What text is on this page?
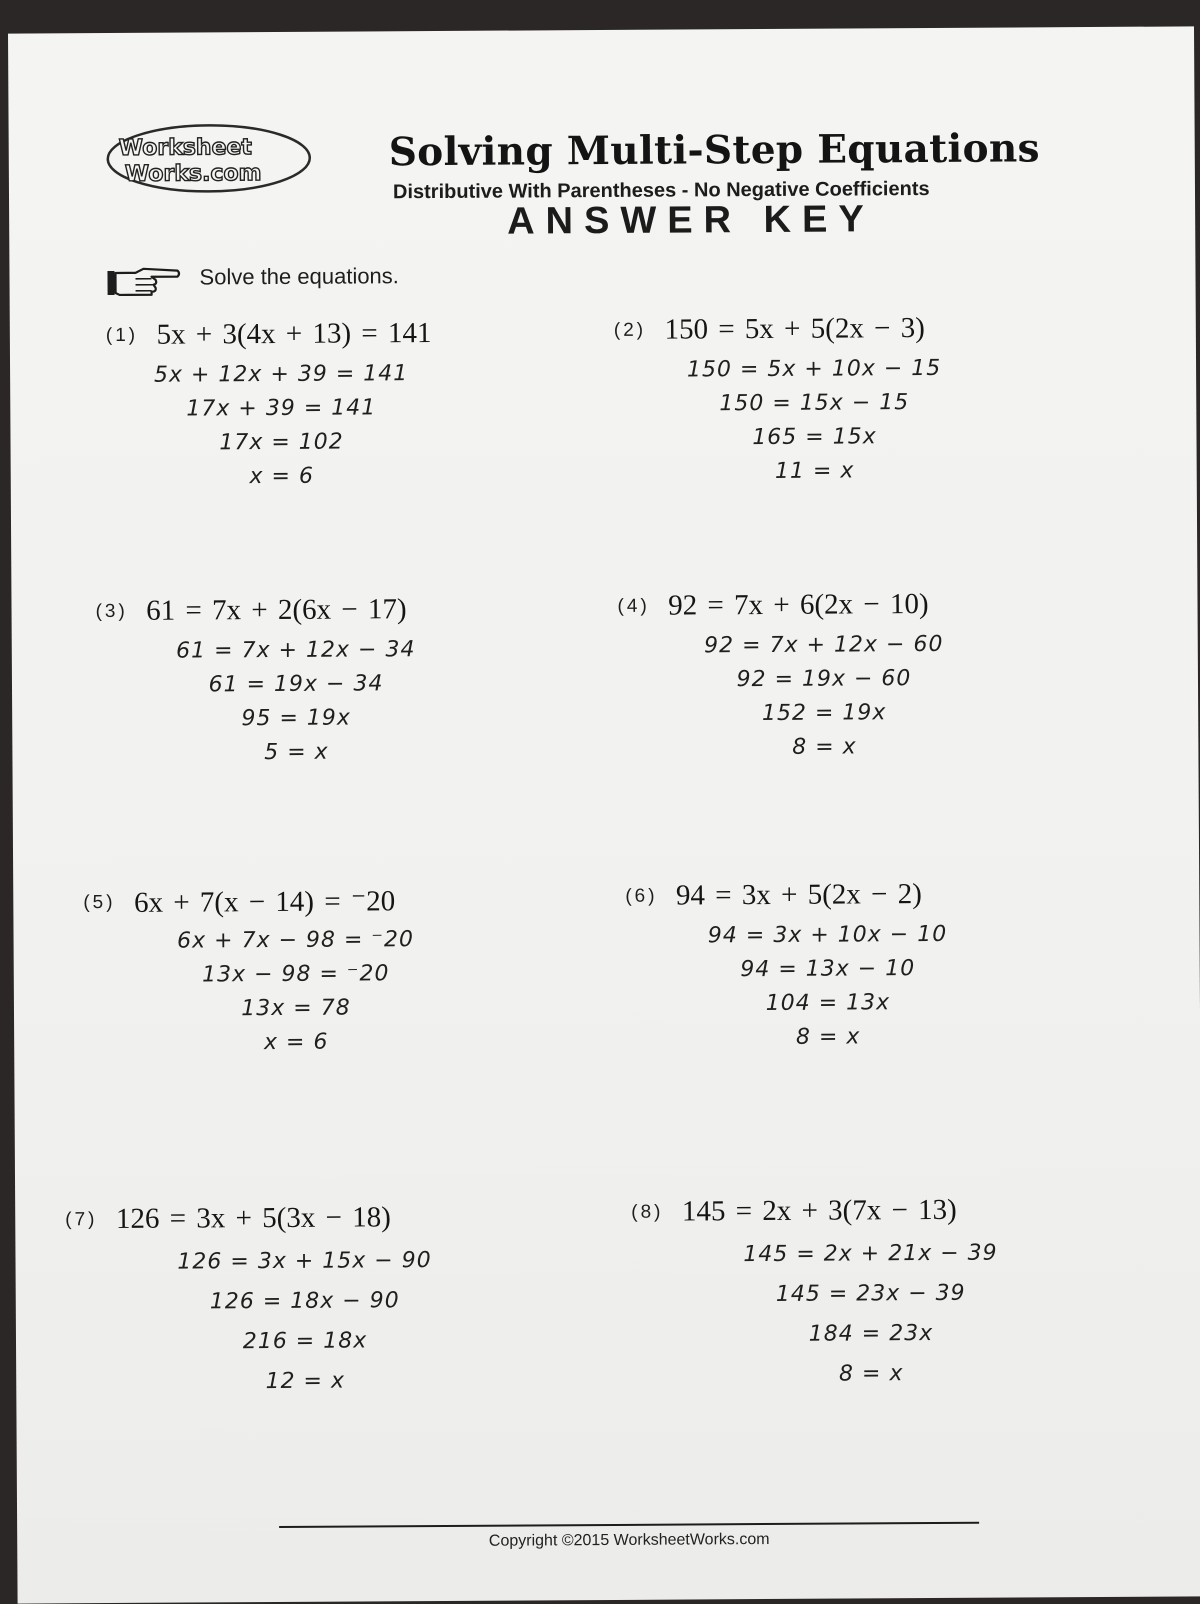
Worksheet
Works.com	Solving Multi-Step Equations
Distributive With Parentheses - No Negative Coefficients
ANSWER KEY
Solve the equations.
(1) 5x + 3(4x + 13) = 141
5x + 12x + 39 = 141
17x + 39 = 141
17x = 102
x = 6
(2) 150 = 5x + 5(2x − 3)
150 = 5x + 10x − 15
150 = 15x − 15
165 = 15x
11 = x
(3) 61 = 7x + 2(6x − 17)
61 = 7x + 12x − 34
61 = 19x − 34
95 = 19x
5 = x
(4) 92 = 7x + 6(2x − 10)
92 = 7x + 12x − 60
92 = 19x − 60
152 = 19x
8 = x
(5) 6x + 7(x − 14) = ⁻20
6x + 7x − 98 = ⁻20
13x − 98 = ⁻20
13x = 78
x = 6
(6) 94 = 3x + 5(2x − 2)
94 = 3x + 10x − 10
94 = 13x − 10
104 = 13x
8 = x
(7) 126 = 3x + 5(3x − 18)
126 = 3x + 15x − 90
126 = 18x − 90
216 = 18x
12 = x
(8) 145 = 2x + 3(7x − 13)
145 = 2x + 21x − 39
145 = 23x − 39
184 = 23x
8 = x
Copyright ©2015 WorksheetWorks.com
